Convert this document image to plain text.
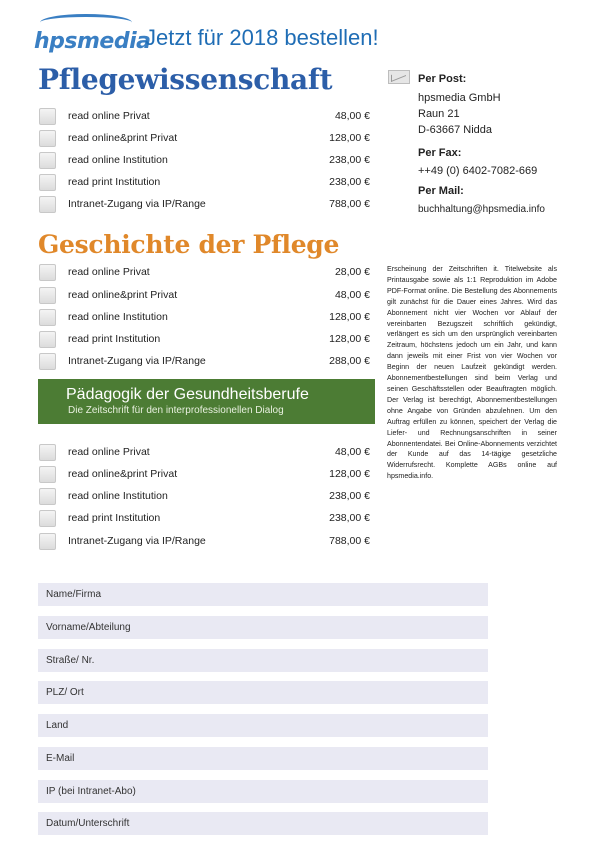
hpsmedia
Jetzt für 2018 bestellen!
Pflegewissenschaft
read online Privat	48,00 €
read online&print Privat	128,00 €
read online Institution	238,00 €
read print Institution	238,00 €
Intranet-Zugang via IP/Range	788,00 €
Geschichte der Pflege
read online Privat	28,00 €
read online&print Privat	48,00 €
read online Institution	128,00 €
read print Institution	128,00 €
Intranet-Zugang via IP/Range	288,00 €
Pädagogik der Gesundheitsberufe
Die Zeitschrift für den interprofessionellen Dialog
read online Privat	48,00 €
read online&print Privat	128,00 €
read online Institution	238,00 €
read print Institution	238,00 €
Intranet-Zugang via IP/Range	788,00 €
Per Post:
hpsmedia GmbH
Raun 21
D-63667 Nidda
Per Fax:
++49 (0) 6402-7082-669
Per Mail:
buchhaltung@hpsmedia.info
Erscheinung der Zeitschriften it. Titelwebsite als Printausgabe sowie als 1:1 Reproduktion im Adobe PDF-Format online. Die Bestellung des Abonnements gilt zunächst für die Dauer eines Jahres. Wird das Abonnement nicht vier Wochen vor Ablauf der vereinbarten Bezugszeit schriftlich gekündigt, verlängert es sich um den ursprünglich vereinbarten Zeitraum, höchstens jedoch um ein Jahr, und kann dann jeweils mit einer Frist von vier Wochen vor Beginn der neuen Laufzeit gekündigt werden. Abonnementbestellungen sind beim Verlag und seinen Geschäftsstellen oder Beauftragten möglich. Der Verlag ist berechtigt, Abonnementbestellungen ohne Angabe von Gründen abzulehnen. Um den Auftrag erfüllen zu können, speichert der Verlag die Liefer- und Rechnungsanschriften in seiner Abonnentendatei. Bei Online-Abonnements verzichtet der Kunde auf das 14-tägige gesetzliche Widerrufsrecht. Komplette AGBs online auf hpsmedia.info.
Name/Firma
Vorname/Abteilung
Straße/ Nr.
PLZ/ Ort
Land
E-Mail
IP (bei Intranet-Abo)
Datum/Unterschrift
